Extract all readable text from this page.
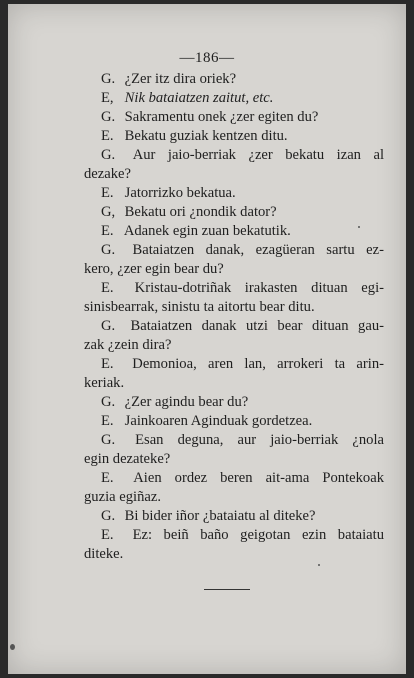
—186—
G. ¿Zer itz dira oriek?
E, Nik bataiatzen zaitut, etc.
G. Sakramentu onek ¿zer egiten du?
E. Bekatu guziak kentzen ditu.
G. Aur jaio-berriak ¿zer bekatu izan al
dezake?
E. Jatorrizko bekatua.
G, Bekatu ori ¿nondik dator?
E. Adanek egin zuan bekatutik.
G. Bataiatzen danak, ezagüeran sartu ez-
kero, ¿zer egin bear du?
E. Kristau-dotriñak irakasten dituan egi-
sinisbearrak, sinistu ta aitortu bear ditu.
G. Bataiatzen danak utzi bear dituan gau-
zak ¿zein dira?
E. Demonioa, aren lan, arrokeri ta arin-
keriak.
G. ¿Zer agindu bear du?
E. Jainkoaren Aginduak gordetzea.
G. Esan deguna, aur jaio-berriak ¿nola
egin dezateke?
E. Aien ordez beren ait-ama Pontekoak
guzia egiñaz.
G. Bi bider iñor ¿bataiatu al diteke?
E. Ez: beiñ baño geigotan ezin bataiatu
diteke.
